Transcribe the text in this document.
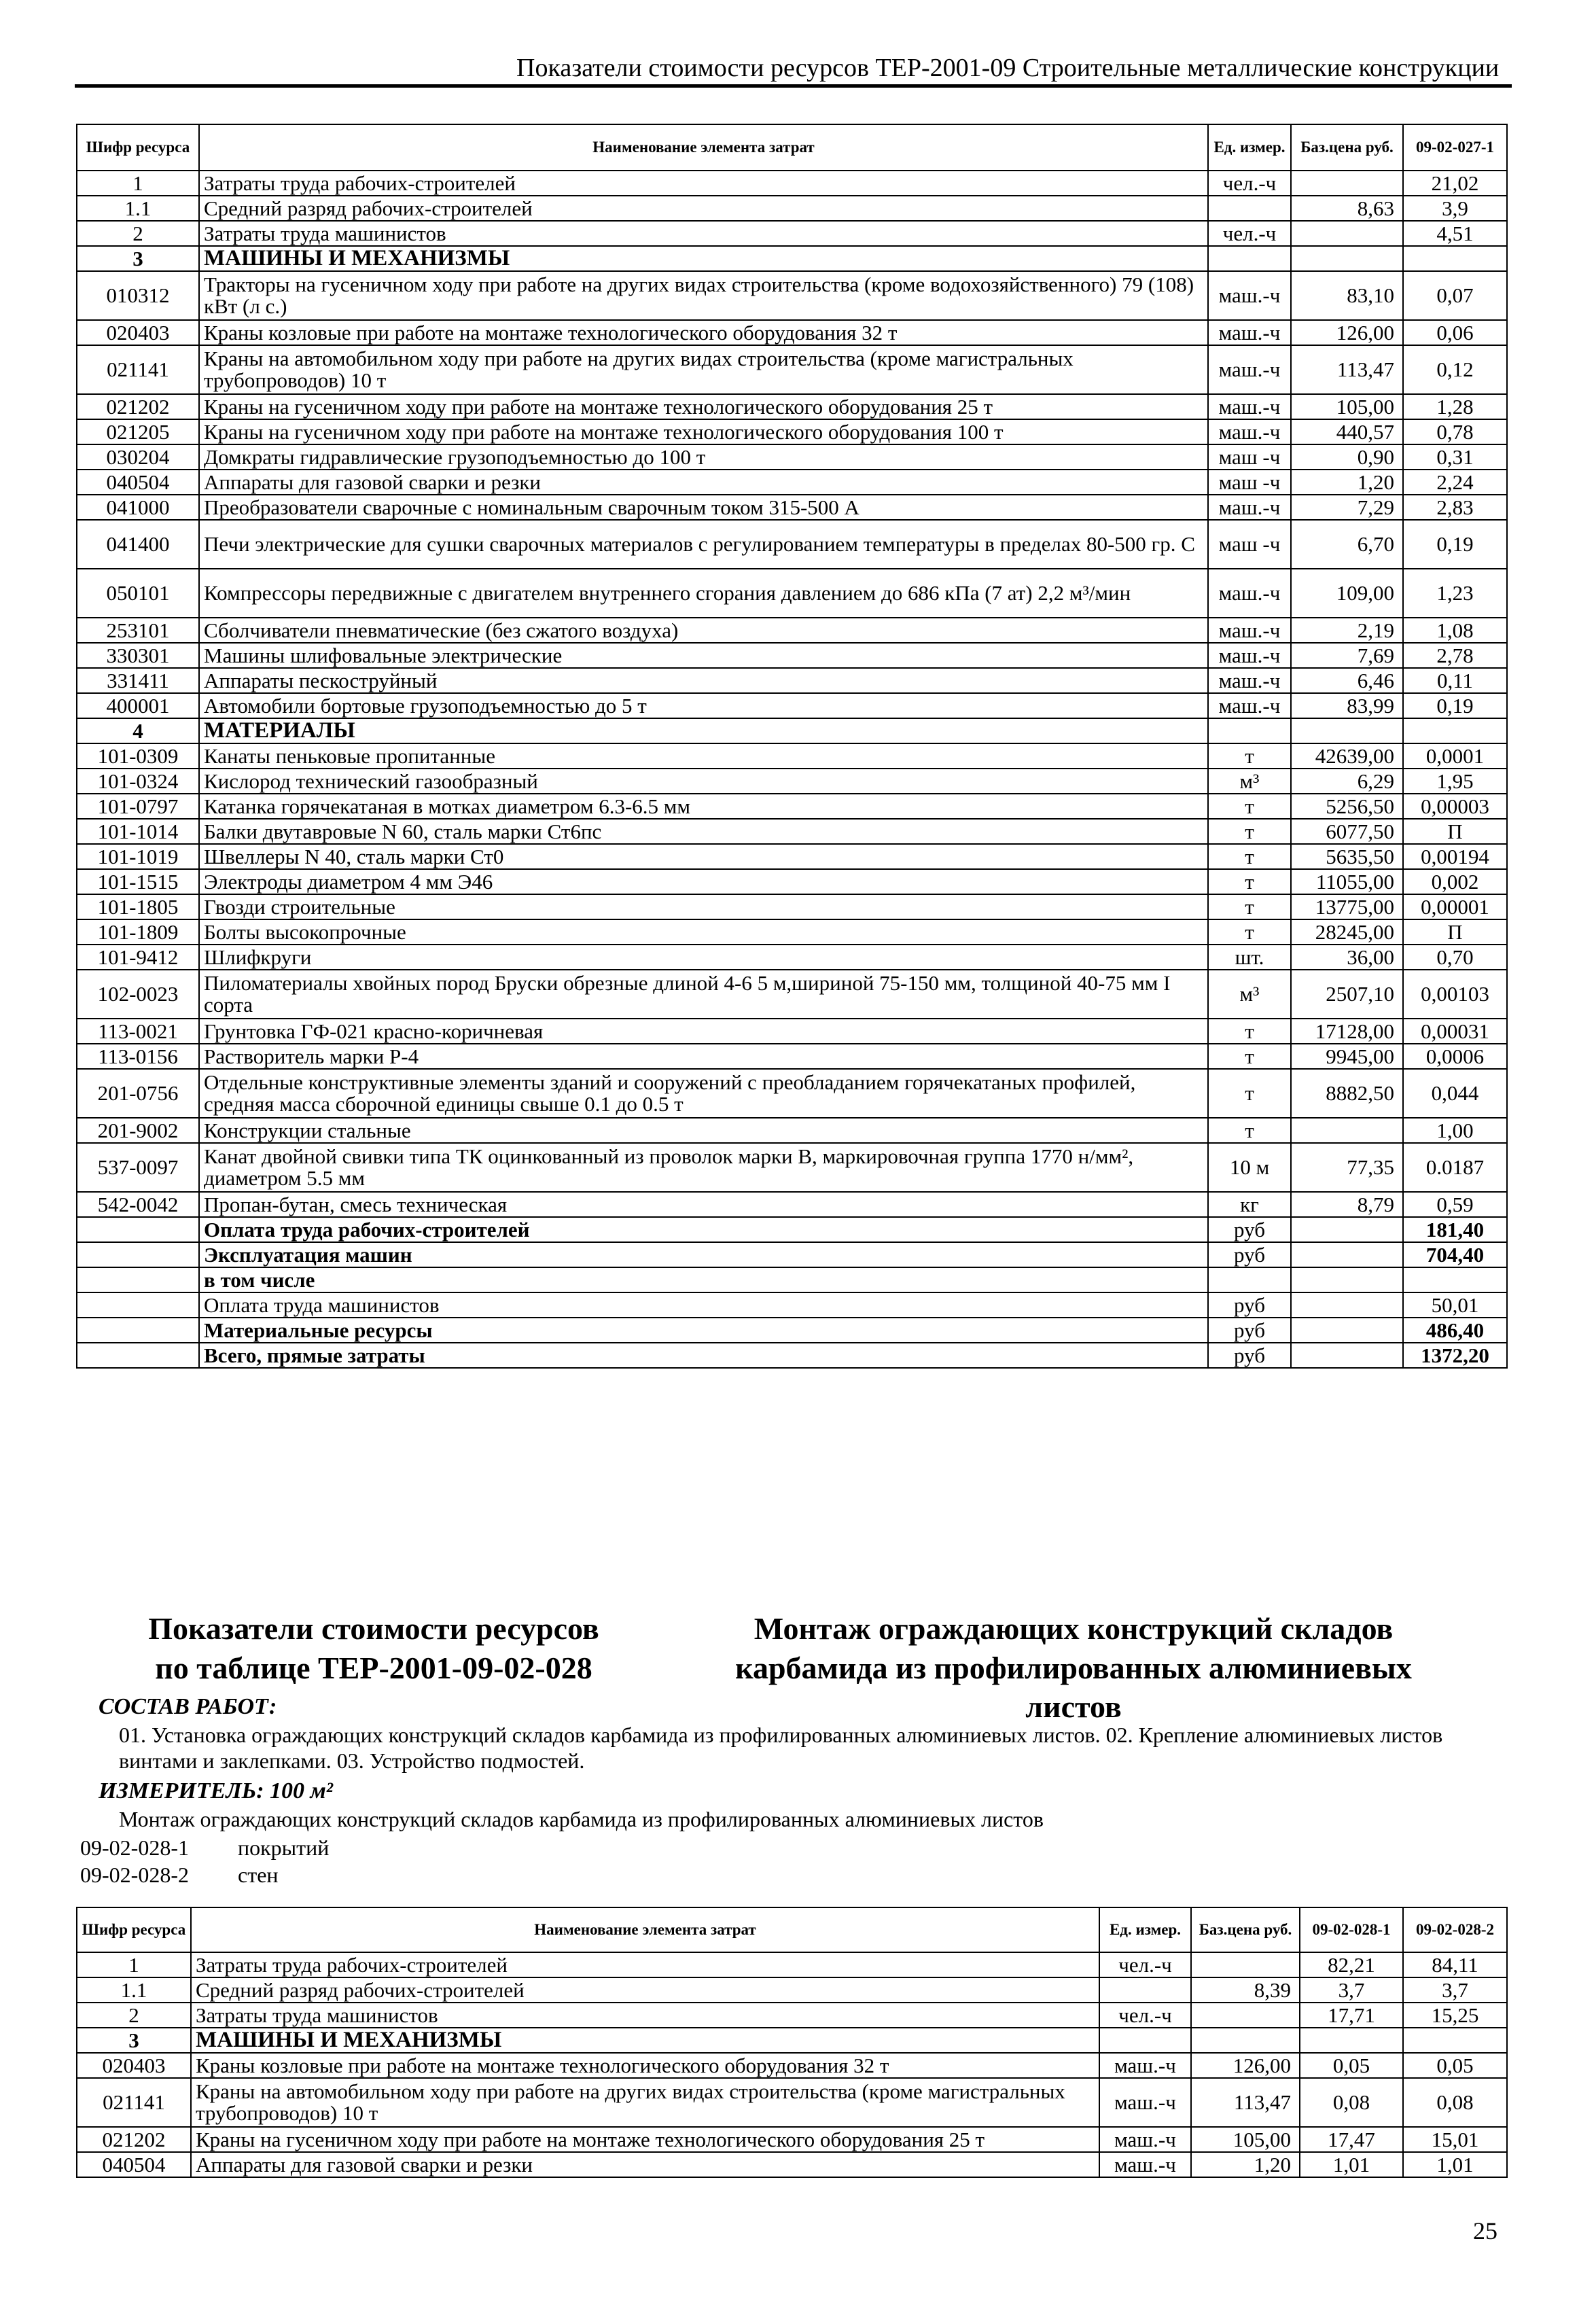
Показатели стоимости ресурсов ТЕР-2001-09 Строительные металлические конструкции
Шифр ресурса	Наименование элемента затрат	Ед. измер.	Баз.цена руб.	09-02-027-1
1	Затраты труда рабочих-строителей	чел.-ч		21,02
1.1	Средний разряд рабочих-строителей		8,63	3,9
2	Затраты труда машинистов	чел.-ч		4,51
3	МАШИНЫ И МЕХАНИЗМЫ			
010312	Тракторы на гусеничном ходу при работе на других видах строительства (кроме водохозяйственного) 79 (108) кВт (л с.)	маш.-ч	83,10	0,07
020403	Краны козловые при работе на монтаже технологического оборудования 32 т	маш.-ч	126,00	0,06
021141	Краны на автомобильном ходу при работе на других видах строительства (кроме магистральных трубопроводов) 10 т	маш.-ч	113,47	0,12
021202	Краны на гусеничном ходу при работе на монтаже технологического оборудования 25 т	маш.-ч	105,00	1,28
021205	Краны на гусеничном ходу при работе на монтаже технологического оборудования 100 т	маш.-ч	440,57	0,78
030204	Домкраты гидравлические грузоподъемностью до 100 т	маш -ч	0,90	0,31
040504	Аппараты для газовой сварки и резки	маш -ч	1,20	2,24
041000	Преобразователи сварочные с номинальным сварочным током 315-500 А	маш.-ч	7,29	2,83
041400	Печи электрические для сушки сварочных материалов с регулированием температуры в пределах 80-500 гр. С	маш -ч	6,70	0,19
050101	Компрессоры передвижные с двигателем внутреннего сгорания давлением до 686 кПа (7 ат) 2,2 м³/мин	маш.-ч	109,00	1,23
253101	Сболчиватели пневматические (без сжатого воздуха)	маш.-ч	2,19	1,08
330301	Машины шлифовальные электрические	маш.-ч	7,69	2,78
331411	Аппараты пескоструйный	маш.-ч	6,46	0,11
400001	Автомобили бортовые грузоподъемностью до 5 т	маш.-ч	83,99	0,19
4	МАТЕРИАЛЫ			
101-0309	Канаты пеньковые пропитанные	т	42639,00	0,0001
101-0324	Кислород технический газообразный	м³	6,29	1,95
101-0797	Катанка горячекатаная в мотках диаметром 6.3-6.5 мм	т	5256,50	0,00003
101-1014	Балки двутавровые N 60, сталь марки Ст6пс	т	6077,50	П
101-1019	Швеллеры N 40, сталь марки Ст0	т	5635,50	0,00194
101-1515	Электроды диаметром 4 мм Э46	т	11055,00	0,002
101-1805	Гвозди строительные	т	13775,00	0,00001
101-1809	Болты высокопрочные	т	28245,00	П
101-9412	Шлифкруги	шт.	36,00	0,70
102-0023	Пиломатериалы хвойных пород Бруски обрезные длиной 4-6 5 м,шириной 75-150 мм, толщиной 40-75 мм I сорта	м³	2507,10	0,00103
113-0021	Грунтовка ГФ-021 красно-коричневая	т	17128,00	0,00031
113-0156	Растворитель марки Р-4	т	9945,00	0,0006
201-0756	Отдельные конструктивные элементы зданий и сооружений с преобладанием горячекатаных профилей, средняя масса сборочной единицы свыше 0.1 до 0.5 т	т	8882,50	0,044
201-9002	Конструкции стальные	т		1,00
537-0097	Канат двойной свивки типа ТК оцинкованный из проволок марки В, маркировочная группа 1770 н/мм², диаметром 5.5 мм	10 м	77,35	0.0187
542-0042	Пропан-бутан, смесь техническая	кг	8,79	0,59
	Оплата труда рабочих-строителей	руб		181,40
	Эксплуатация машин	руб		704,40
	в том числе			
	Оплата труда машинистов	руб		50,01
	Материальные ресурсы	руб		486,40
	Всего, прямые затраты	руб		1372,20
Показатели стоимости ресурсов по таблице ТЕР-2001-09-02-028
Монтаж ограждающих конструкций складов карбамида из профилированных алюминиевых листов
СОСТАВ РАБОТ:
01. Установка ограждающих конструкций складов карбамида из профилированных алюминиевых листов. 02. Крепление алюминиевых листов винтами и заклепками. 03. Устройство подмостей.
ИЗМЕРИТЕЛЬ: 100 м²
Монтаж ограждающих конструкций складов карбамида из профилированных алюминиевых листов
09-02-028-1 покрытий
09-02-028-2 стен
Шифр ресурса	Наименование элемента затрат	Ед. измер.	Баз.цена руб.	09-02-028-1	09-02-028-2
1	Затраты труда рабочих-строителей	чел.-ч		82,21	84,11
1.1	Средний разряд рабочих-строителей		8,39	3,7	3,7
2	Затраты труда машинистов	чел.-ч		17,71	15,25
3	МАШИНЫ И МЕХАНИЗМЫ				
020403	Краны козловые при работе на монтаже технологического оборудования 32 т	маш.-ч	126,00	0,05	0,05
021141	Краны на автомобильном ходу при работе на других видах строительства (кроме магистральных трубопроводов) 10 т	маш.-ч	113,47	0,08	0,08
021202	Краны на гусеничном ходу при работе на монтаже технологического оборудования 25 т	маш.-ч	105,00	17,47	15,01
040504	Аппараты для газовой сварки и резки	маш.-ч	1,20	1,01	1,01
25
